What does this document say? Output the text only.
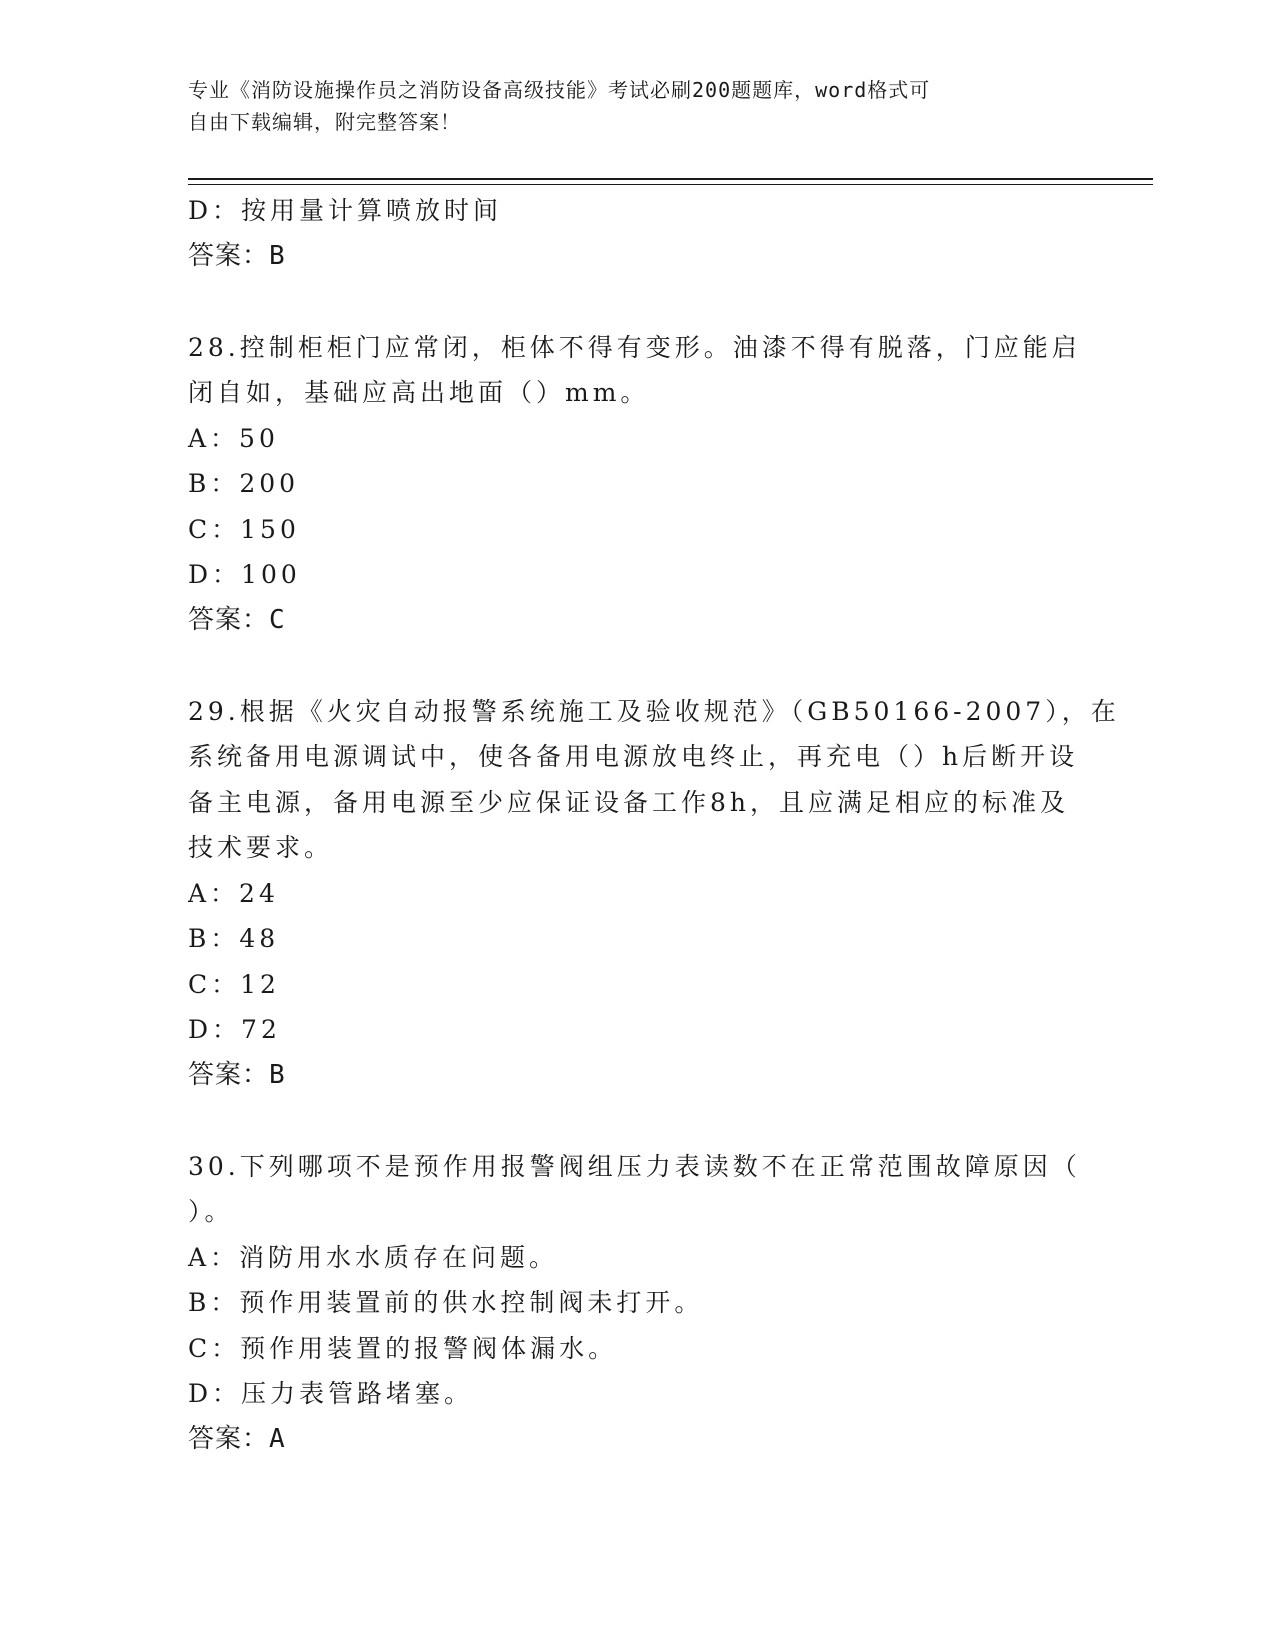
专业《消防设施操作员之消防设备高级技能》考试必刷200题题库，word格式可
自由下载编辑，附完整答案！
D：按用量计算喷放时间
答案：B
28.控制柜柜门应常闭，柜体不得有变形。油漆不得有脱落，门应能启
闭自如，基础应高出地面（）mm。
A：50
B：200
C：150
D：100
答案：C
29.根据《火灾自动报警系统施工及验收规范》（GB50166-2007），在
系统备用电源调试中，使各备用电源放电终止，再充电（）h后断开设
备主电源，备用电源至少应保证设备工作8h，且应满足相应的标准及
技术要求。
A：24
B：48
C：12
D：72
答案：B
30.下列哪项不是预作用报警阀组压力表读数不在正常范围故障原因（
）。
A：消防用水水质存在问题。
B：预作用装置前的供水控制阀未打开。
C：预作用装置的报警阀体漏水。
D：压力表管路堵塞。
答案：A
